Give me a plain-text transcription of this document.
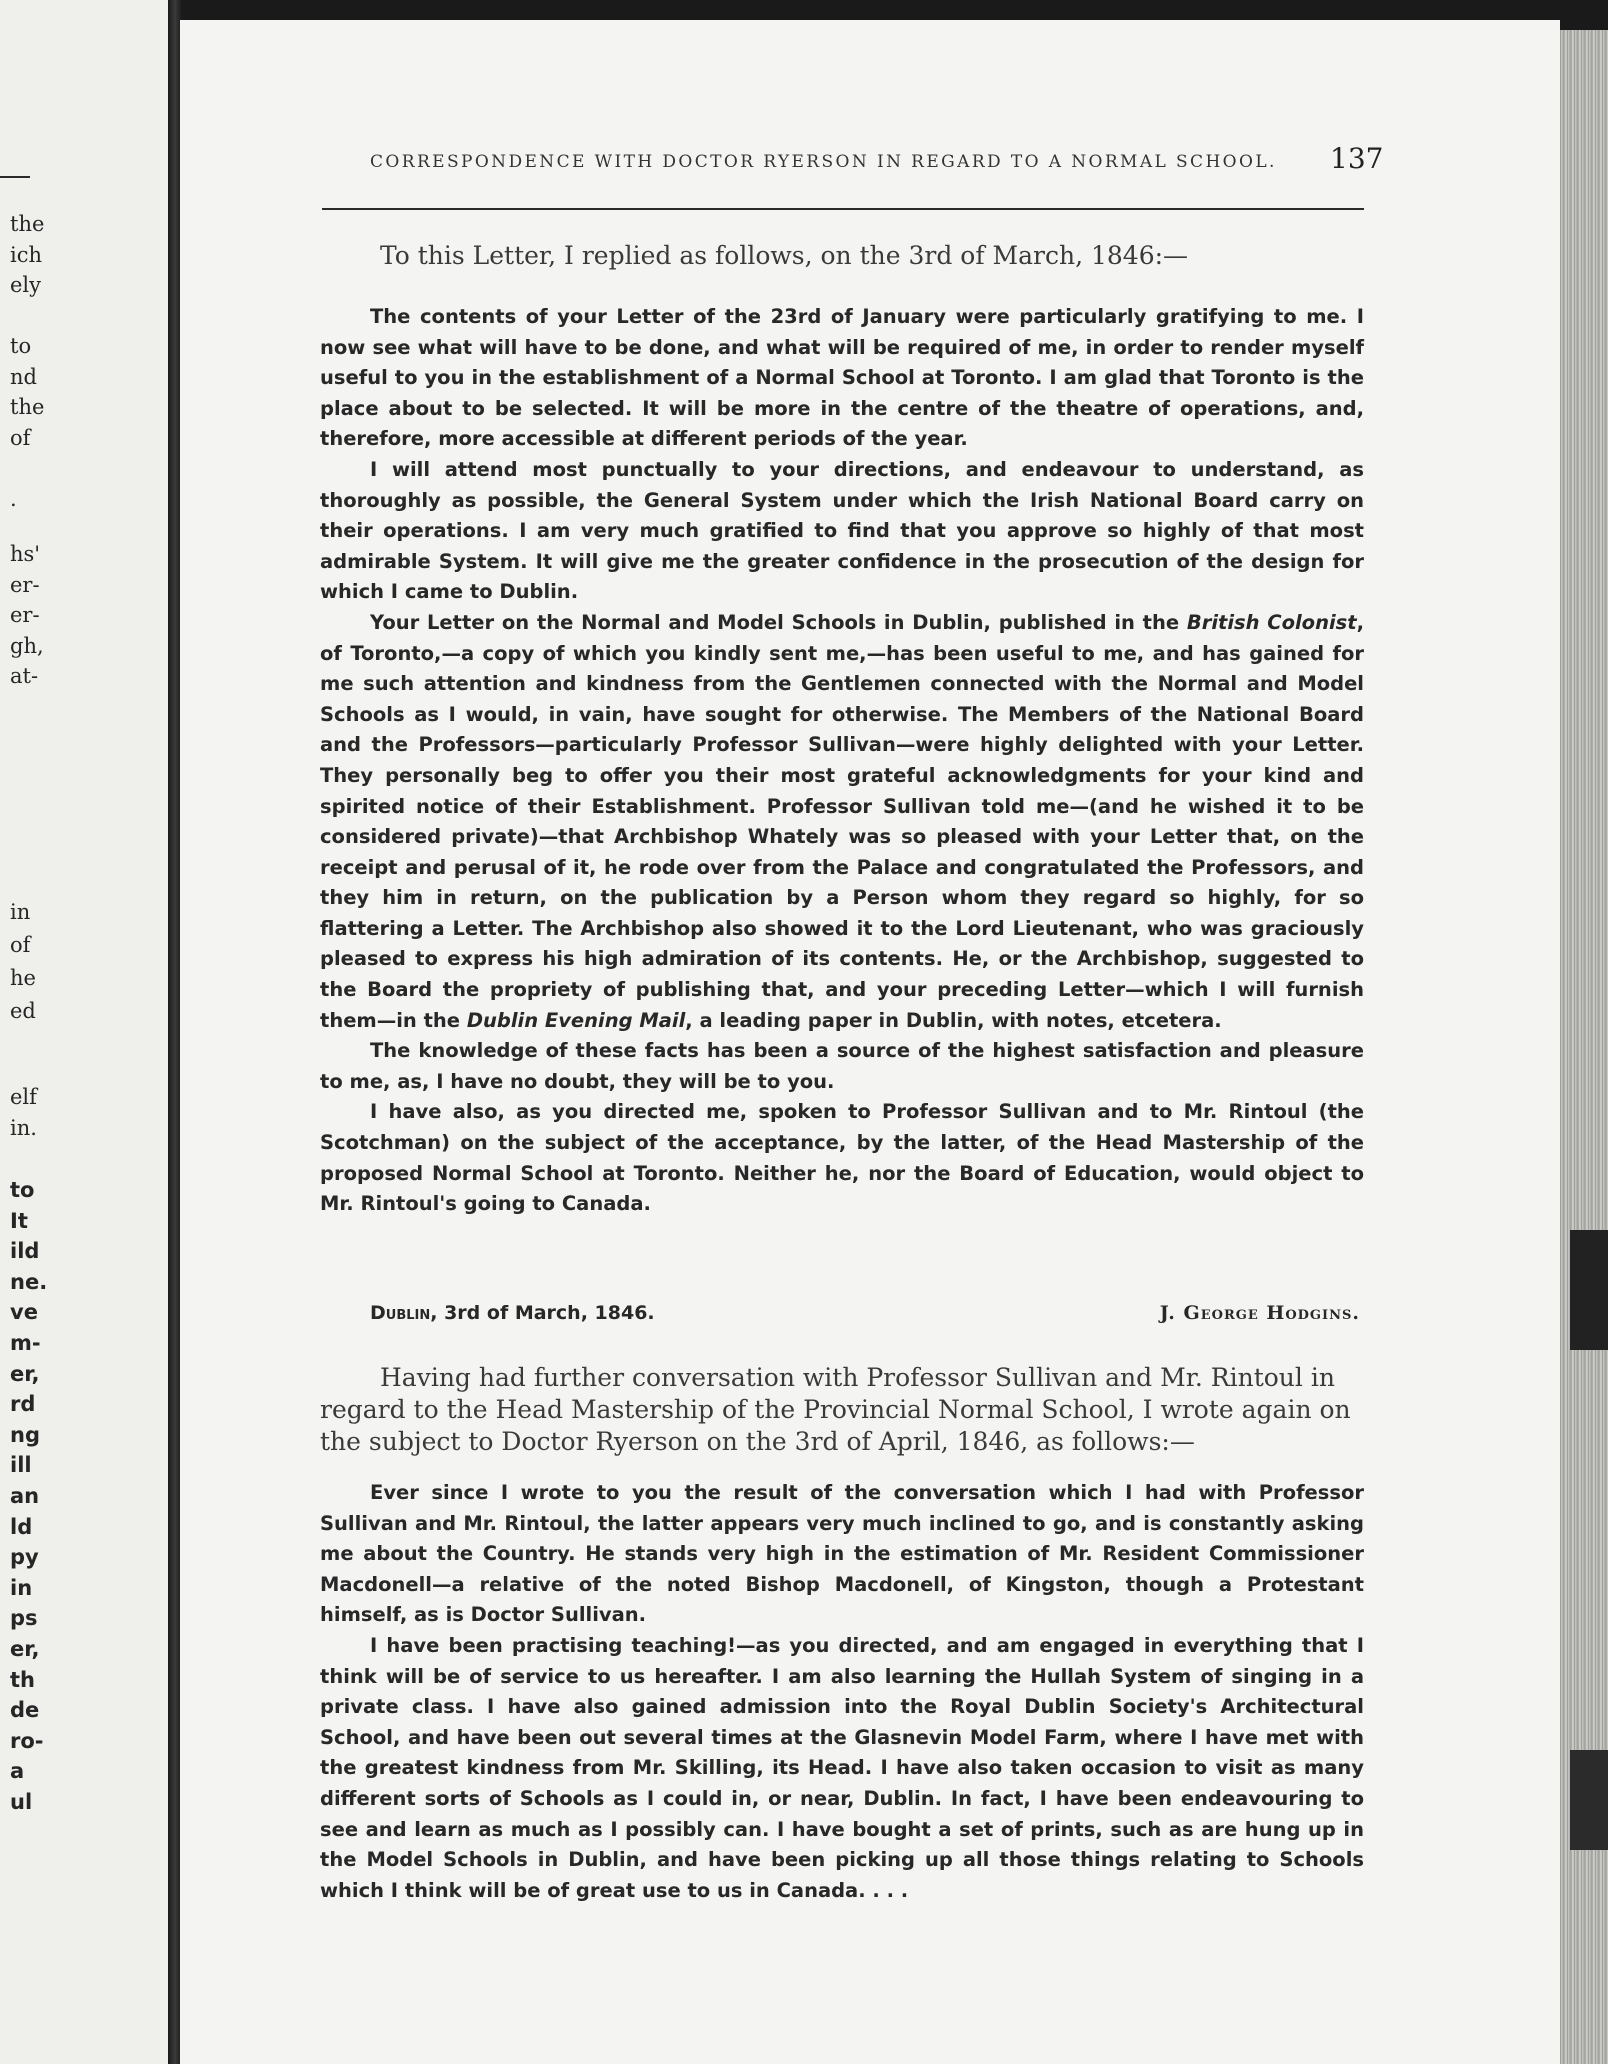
the
ich
ely
to
nd
the
of
.
hs'
er-
er-
gh,
at-
in
of
he
ed
elf
in.
to
It
ild
ne.
ve
m-
er,
rd
ng
ill
an
ld
py
in
ps
er,
th
de
ro-
a
ul
CORRESPONDENCE WITH DOCTOR RYERSON IN REGARD TO A NORMAL SCHOOL.	137
To this Letter, I replied as follows, on the 3rd of March, 1846:—

The contents of your Letter of the 23rd of January were particularly gratifying to me. I now see what will have to be done, and what will be required of me, in order to render myself useful to you in the establishment of a Normal School at Toronto. I am glad that Toronto is the place about to be selected. It will be more in the centre of the theatre of operations, and, therefore, more accessible at different periods of the year.

I will attend most punctually to your directions, and endeavour to understand, as thoroughly as possible, the General System under which the Irish National Board carry on their operations. I am very much gratified to find that you approve so highly of that most admirable System. It will give me the greater confidence in the prosecution of the design for which I came to Dublin.

Your Letter on the Normal and Model Schools in Dublin, published in the British Colonist, of Toronto,—a copy of which you kindly sent me,—has been useful to me, and has gained for me such attention and kindness from the Gentlemen connected with the Normal and Model Schools as I would, in vain, have sought for otherwise. The Members of the National Board and the Professors—particularly Professor Sullivan—were highly delighted with your Letter. They personally beg to offer you their most grateful acknowledgments for your kind and spirited notice of their Establishment. Professor Sullivan told me—(and he wished it to be considered private)—that Archbishop Whately was so pleased with your Letter that, on the receipt and perusal of it, he rode over from the Palace and congratulated the Professors, and they him in return, on the publication by a Person whom they regard so highly, for so flattering a Letter. The Archbishop also showed it to the Lord Lieutenant, who was graciously pleased to express his high admiration of its contents. He, or the Archbishop, suggested to the Board the propriety of publishing that, and your preceding Letter—which I will furnish them—in the Dublin Evening Mail, a leading paper in Dublin, with notes, etcetera.

The knowledge of these facts has been a source of the highest satisfaction and pleasure to me, as, I have no doubt, they will be to you.

I have also, as you directed me, spoken to Professor Sullivan and to Mr. Rintoul (the Scotchman) on the subject of the acceptance, by the latter, of the Head Mastership of the proposed Normal School at Toronto. Neither he, nor the Board of Education, would object to Mr. Rintoul's going to Canada.

Dublin, 3rd of March, 1846.	J. George Hodgins.
Having had further conversation with Professor Sullivan and Mr. Rintoul in regard to the Head Mastership of the Provincial Normal School, I wrote again on the subject to Doctor Ryerson on the 3rd of April, 1846, as follows:—

Ever since I wrote to you the result of the conversation which I had with Professor Sullivan and Mr. Rintoul, the latter appears very much inclined to go, and is constantly asking me about the Country. He stands very high in the estimation of Mr. Resident Commissioner Macdonell—a relative of the noted Bishop Macdonell, of Kingston, though a Protestant himself, as is Doctor Sullivan.

I have been practising teaching!—as you directed, and am engaged in everything that I think will be of service to us hereafter. I am also learning the Hullah System of singing in a private class. I have also gained admission into the Royal Dublin Society's Architectural School, and have been out several times at the Glasnevin Model Farm, where I have met with the greatest kindness from Mr. Skilling, its Head. I have also taken occasion to visit as many different sorts of Schools as I could in, or near, Dublin. In fact, I have been endeavouring to see and learn as much as I possibly can. I have bought a set of prints, such as are hung up in the Model Schools in Dublin, and have been picking up all those things relating to Schools which I think will be of great use to us in Canada. . . .
